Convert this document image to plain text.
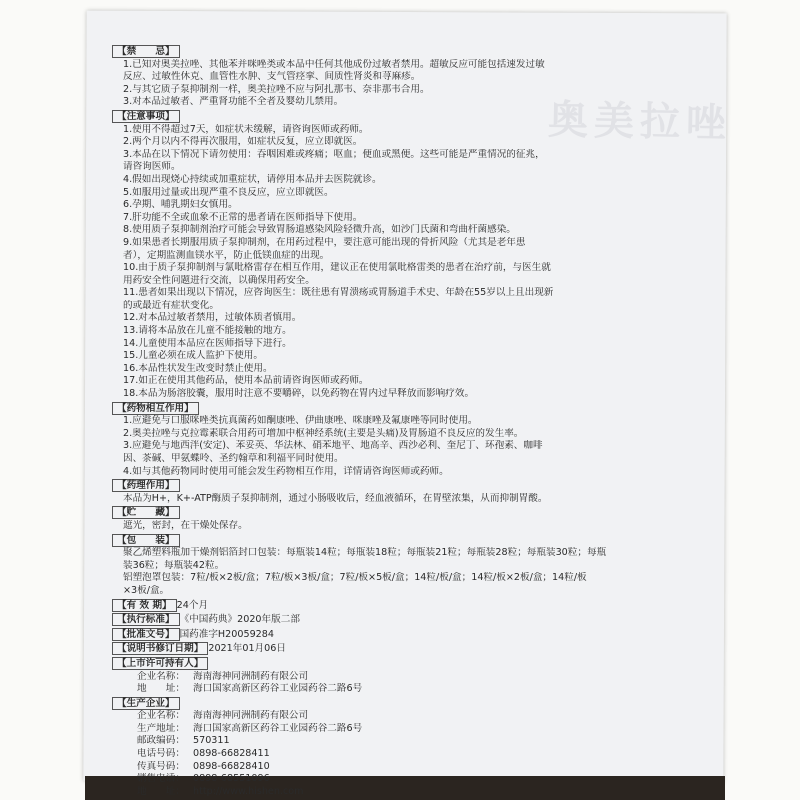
奥美拉唑
【禁　　忌】
1.已知对奥美拉唑、其他苯并咪唑类或本品中任何其他成份过敏者禁用。超敏反应可能包括速发过敏
反应、过敏性休克、血管性水肿、支气管痉挛、间质性肾炎和荨麻疹。
2.与其它质子泵抑制剂一样，奥美拉唑不应与阿扎那韦、奈非那韦合用。
3.对本品过敏者、严重肾功能不全者及婴幼儿禁用。
【注意事项】
1.使用不得超过7天，如症状未缓解，请咨询医师或药师。
2.两个月以内不得再次服用，如症状反复，应立即就医。
3.本品在以下情况下请勿使用：吞咽困难或疼痛；呕血；便血或黑便。这些可能是严重情况的征兆，
请咨询医师。
4.假如出现烧心持续或加重症状，请停用本品并去医院就诊。
5.如服用过量或出现严重不良反应，应立即就医。
6.孕期、哺乳期妇女慎用。
7.肝功能不全或血象不正常的患者请在医师指导下使用。
8.使用质子泵抑制剂治疗可能会导致胃肠道感染风险轻微升高，如沙门氏菌和弯曲杆菌感染。
9.如果患者长期服用质子泵抑制剂，在用药过程中，要注意可能出现的骨折风险（尤其是老年患
者），定期监测血镁水平，防止低镁血症的出现。
10.由于质子泵抑制剂与氯吡格雷存在相互作用，建议正在使用氯吡格雷类的患者在治疗前，与医生就
用药安全性问题进行交流，以确保用药安全。
11.患者如果出现以下情况，应咨询医生：既往患有胃溃疡或胃肠道手术史、年龄在55岁以上且出现新
的或最近有症状变化。
12.对本品过敏者禁用，过敏体质者慎用。
13.请将本品放在儿童不能接触的地方。
14.儿童使用本品应在医师指导下进行。
15.儿童必须在成人监护下使用。
16.本品性状发生改变时禁止使用。
17.如正在使用其他药品，使用本品前请咨询医师或药师。
18.本品为肠溶胶囊，服用时注意不要嚼碎，以免药物在胃内过早释放而影响疗效。
【药物相互作用】
1.应避免与口服咪唑类抗真菌药如酮康唑、伊曲康唑、咪康唑及氟康唑等同时使用。
2.奥美拉唑与克拉霉素联合用药可增加中枢神经系统(主要是头痛)及胃肠道不良反应的发生率。
3.应避免与地西泮(安定)、苯妥英、华法林、硝苯地平、地高辛、西沙必利、奎尼丁、环孢素、咖啡
因、茶碱、甲氨蝶呤、圣约翰草和利福平同时使用。
4.如与其他药物同时使用可能会发生药物相互作用，详情请咨询医师或药师。
【药理作用】
本品为H+，K+-ATP酶质子泵抑制剂，通过小肠吸收后，经血液循环，在胃壁浓集，从而抑制胃酸。
【贮　　藏】
遮光，密封，在干燥处保存。
【包　　装】
聚乙烯塑料瓶加干燥剂铝箔封口包装：每瓶装14粒；每瓶装18粒；每瓶装21粒；每瓶装28粒；每瓶装30粒；每瓶
装36粒；每瓶装42粒。
铝塑泡罩包装：7粒/板×2板/盒；7粒/板×3板/盒；7粒/板×5板/盒；14粒/板/盒；14粒/板×2板/盒；14粒/板
×3板/盒。
【有 效 期】 24个月
【执行标准】 《中国药典》2020年版二部
【批准文号】 国药准字H20059284
【说明书修订日期】 2021年01月06日
【上市许可持有人】
企业名称： 海南海神同洲制药有限公司
地　　址： 海口国家高新区药谷工业园药谷二路6号
【生产企业】
企业名称： 海南海神同洲制药有限公司
生产地址： 海口国家高新区药谷工业园药谷二路6号
邮政编码： 570311
电话号码： 0898-66828411
传真号码： 0898-66828410
销售电话： 0898-68551096
地　　址： http://www.hishen.com
